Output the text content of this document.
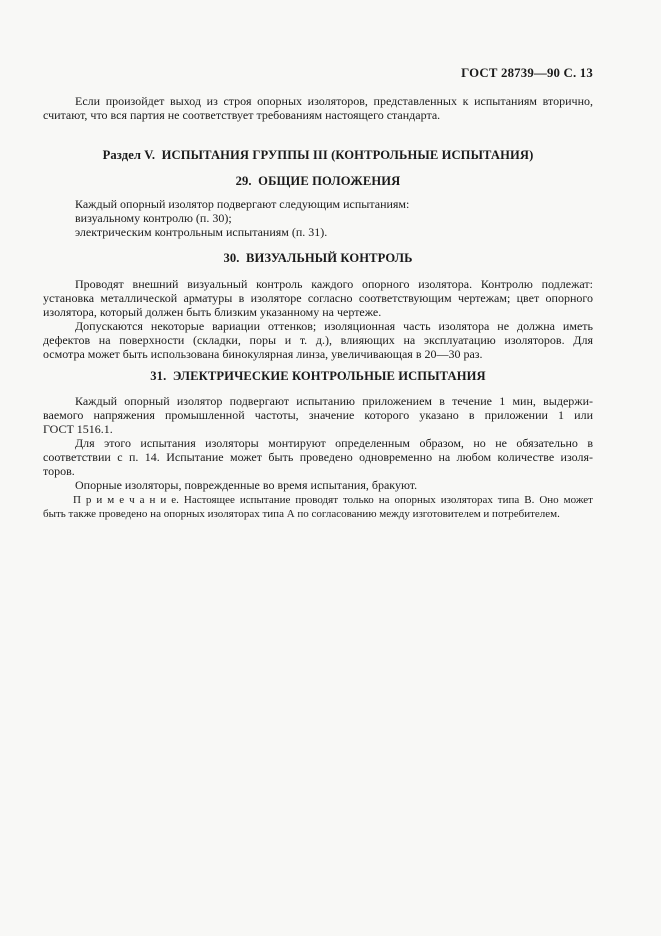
ГОСТ 28739—90 С. 13
Если произойдет выход из строя опорных изоляторов, представленных к испытаниям вторично,
считают, что вся партия не соответствует требованиям настоящего стандарта.
Раздел V.  ИСПЫТАНИЯ ГРУППЫ III (КОНТРОЛЬНЫЕ ИСПЫТАНИЯ)
29.  ОБЩИЕ ПОЛОЖЕНИЯ
Каждый опорный изолятор подвергают следующим испытаниям:
визуальному контролю (п. 30);
электрическим контрольным испытаниям (п. 31).
30.  ВИЗУАЛЬНЫЙ КОНТРОЛЬ
Проводят внешний визуальный контроль каждого опорного изолятора. Контролю подлежат:
установка металлической арматуры в изоляторе согласно соответствующим чертежам; цвет опорного
изолятора, который должен быть близким указанному на чертеже.
Допускаются некоторые вариации оттенков; изоляционная часть изолятора не должна иметь
дефектов на поверхности (складки, поры и т. д.), влияющих на эксплуатацию изоляторов. Для
осмотра может быть использована бинокулярная линза, увеличивающая в 20—30 раз.
31.  ЭЛЕКТРИЧЕСКИЕ КОНТРОЛЬНЫЕ ИСПЫТАНИЯ
Каждый опорный изолятор подвергают испытанию приложением в течение 1 мин, выдержи-
ваемого напряжения промышленной частоты, значение которого указано в приложении 1 или
ГОСТ 1516.1.
Для этого испытания изоляторы монтируют определенным образом, но не обязательно в
соответствии с п. 14. Испытание может быть проведено одновременно на любом количестве изоля-
торов.
Опорные изоляторы, поврежденные во время испытания, бракуют.
П р и м е ч а н и е. Настоящее испытание проводят только на опорных изоляторах типа В. Оно может
быть также проведено на опорных изоляторах типа А по согласованию между изготовителем и потребителем.
